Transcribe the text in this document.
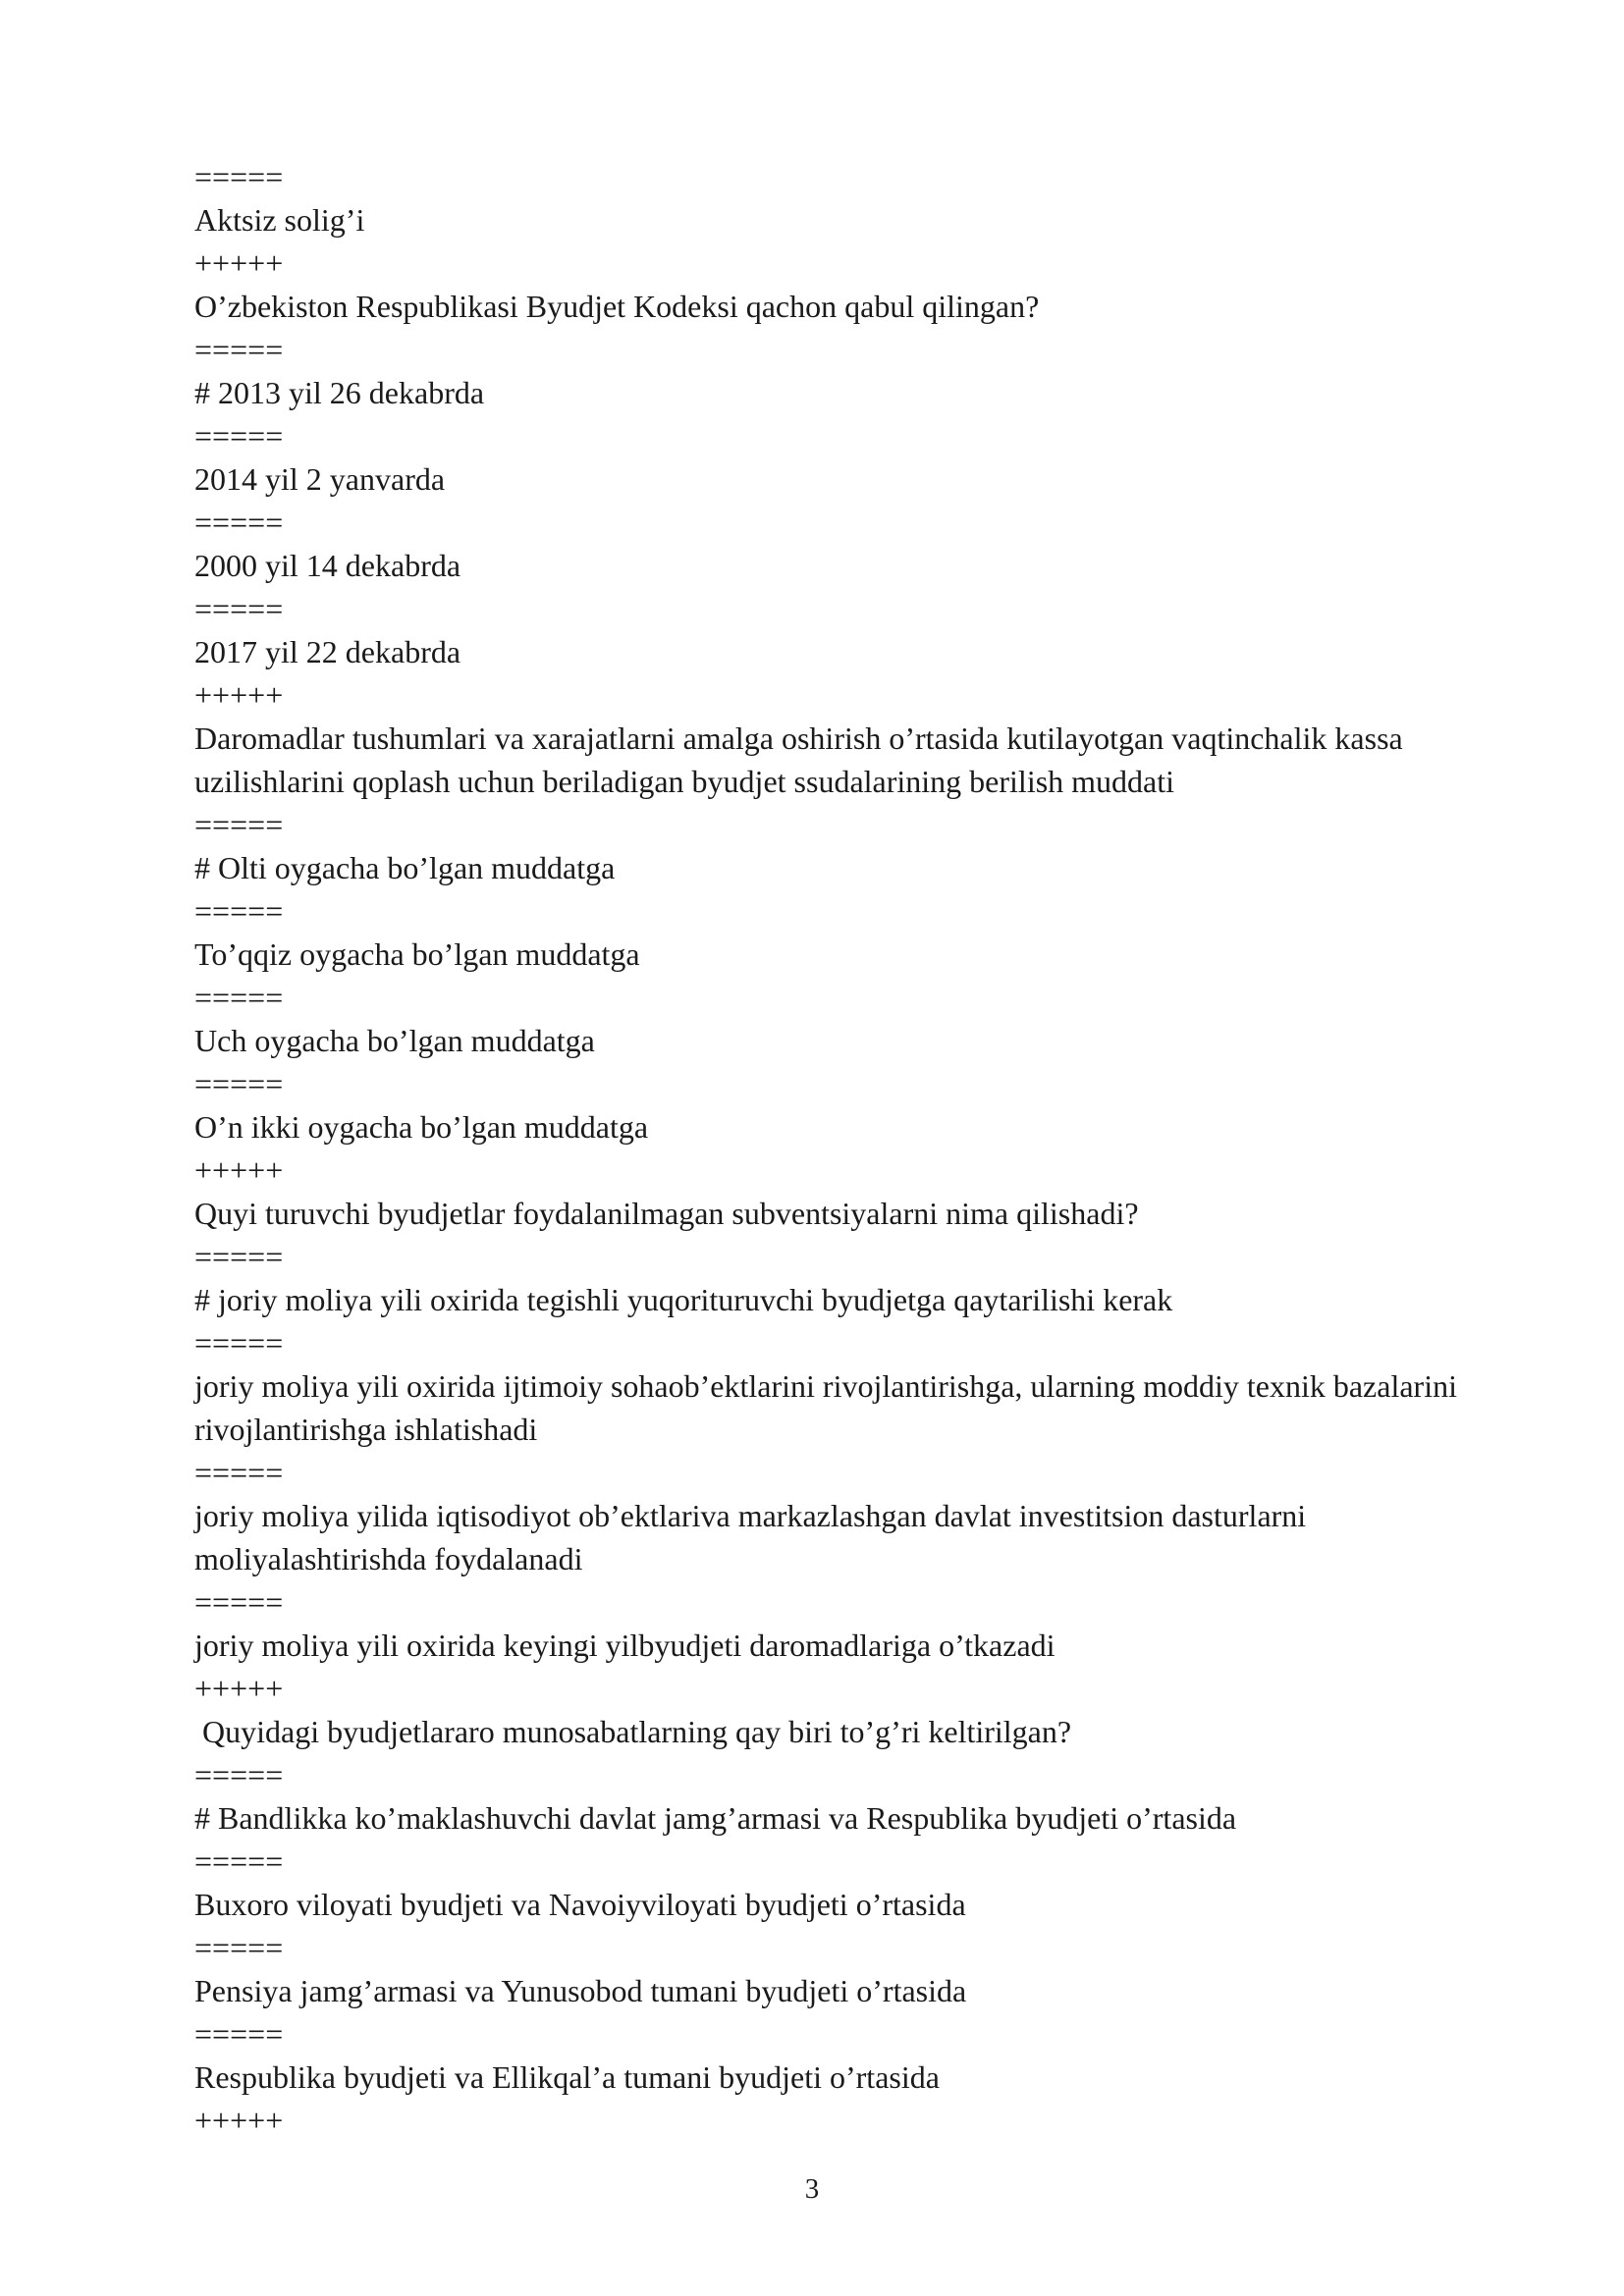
=====

Aktsiz solig’i

+++++

O’zbekiston Respublikasi Byudjet Kodeksi qachon qabul qilingan?

=====

# 2013 yil 26 dekabrda

=====

2014 yil 2 yanvarda

=====

2000 yil 14 dekabrda

=====

2017 yil 22 dekabrda

+++++

Daromadlar tushumlari va xarajatlarni amalga oshirish o’rtasida kutilayotgan vaqtinchalik kassa uzilishlarini qoplash uchun beriladigan byudjet ssudalarining berilish muddati

=====

# Olti oygacha bo’lgan muddatga

=====

To’qqiz oygacha bo’lgan muddatga

=====

Uch oygacha bo’lgan muddatga

=====

O’n ikki oygacha bo’lgan muddatga

+++++

Quyi turuvchi byudjetlar foydalanilmagan subventsiyalarni nima qilishadi?

=====

# joriy moliya yili oxirida tegishli yuqorituruvchi byudjetga qaytarilishi kerak

=====

joriy moliya yili oxirida ijtimoiy sohaob’ektlarini rivojlantirishga, ularning moddiy texnik bazalarini rivojlantirishga ishlatishadi

=====

joriy moliya yilida iqtisodiyot ob’ektlariva markazlashgan davlat investitsion dasturlarni moliyalashtirishda foydalanadi

=====

joriy moliya yili oxirida keyingi yilbyudjeti daromadlariga o’tkazadi

+++++

Quyidagi byudjetlararo munosabatlarning qay biri to’g’ri keltirilgan?

=====

# Bandlikka ko’maklashuvchi davlat jamg’armasi va Respublika byudjeti o’rtasida

=====

Buxoro viloyati byudjeti va Navoiyviloyati byudjeti o’rtasida

=====

Pensiya jamg’armasi va Yunusobod tumani byudjeti o’rtasida

=====

Respublika byudjeti va Ellikqal’a tumani byudjeti o’rtasida

+++++

3
